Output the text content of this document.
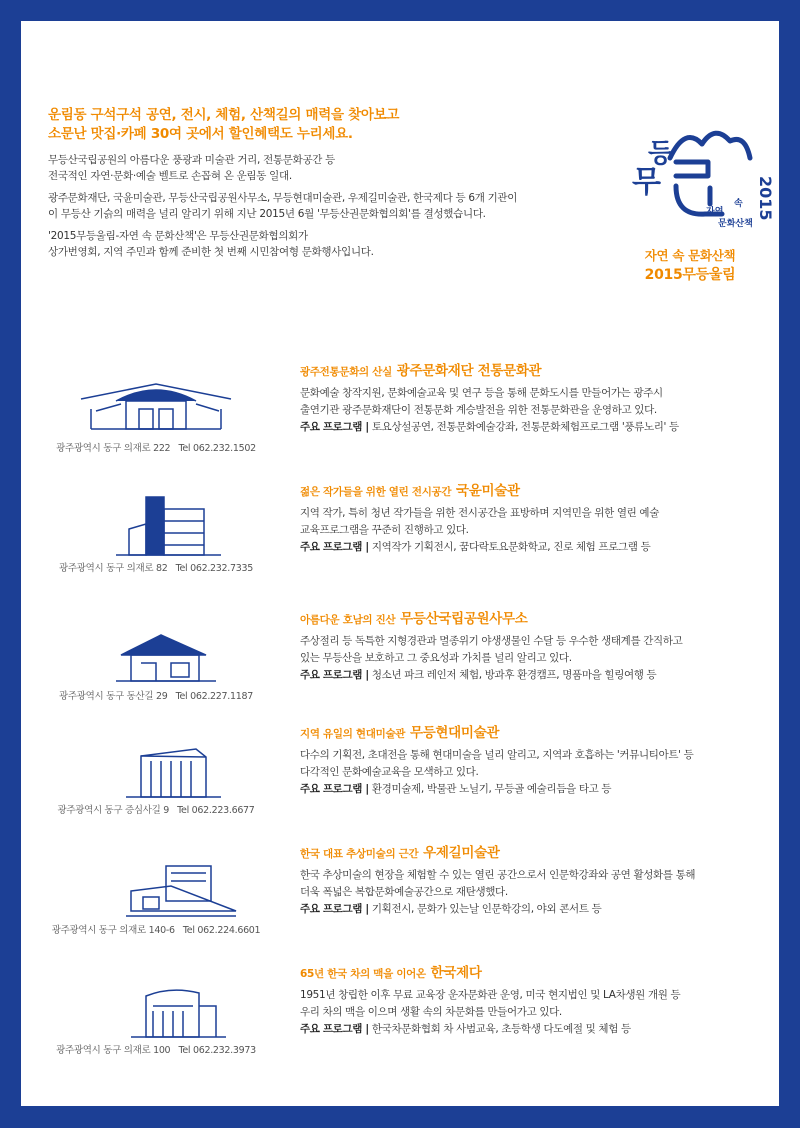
운림동 구석구석 공연, 전시, 체험, 산책길의 매력을 찾아보고
소문난 맛집·카페 30여 곳에서 할인혜택도 누리세요.
무등산국립공원의 아름다운 풍광과 미술관 거리, 전통문화공간 등
전국적인 자연·문화·예술 벨트로 손꼽혀 온 운림동 일대.
광주문화재단, 국윤미술관, 무등산국립공원사무소, 무등현대미술관, 우제길미술관, 한국제다 등 6개 기관이
이 무등산 기슭의 매력을 널리 알리기 위해 지난 2015년 6월 '무등산권문화협의회'를 결성했습니다.
'2015무등울림-자연 속 문화산책'은 무등산권문화협의회가
상가번영회, 지역 주민과 함께 준비한 첫 번째 시민참여형 문화행사입니다.
무
등
2015
자연
속
문화산책
자연 속 문화산책
2015무등울림
광주광역시 동구 의재로 222 Tel 062.232.1502
광주전통문화의 산실 광주문화재단 전통문화관
문화예술 창작지원, 문화예술교육 및 연구 등을 통해 문화도시를 만들어가는 광주시
출연기관 광주문화재단이 전통문화 계승발전을 위한 전통문화관을 운영하고 있다.
주요 프로그램 | 토요상설공연, 전통문화예술강좌, 전통문화체험프로그램 '풍류노리' 등
광주광역시 동구 의재로 82 Tel 062.232.7335
젊은 작가들을 위한 열린 전시공간 국윤미술관
지역 작가, 특히 청년 작가들을 위한 전시공간을 표방하며 지역민을 위한 열린 예술
교육프로그램을 꾸준히 진행하고 있다.
주요 프로그램 | 지역작가 기획전시, 꿈다락토요문화학교, 진로 체험 프로그램 등
광주광역시 동구 동산길 29 Tel 062.227.1187
아름다운 호남의 진산 무등산국립공원사무소
주상절리 등 독특한 지형경관과 멸종위기 야생생물인 수달 등 우수한 생태계를 간직하고
있는 무등산을 보호하고 그 중요성과 가치를 널리 알리고 있다.
주요 프로그램 | 청소년 파크 레인저 체험, 방과후 환경캠프, 명품마을 힐링여행 등
광주광역시 동구 증심사길 9 Tel 062.223.6677
지역 유일의 현대미술관 무등현대미술관
다수의 기획전, 초대전을 통해 현대미술을 널리 알리고, 지역과 호흡하는 '커뮤니티아트' 등
다각적인 문화예술교육을 모색하고 있다.
주요 프로그램 | 환경미술제, 박물관 노닐기, 무등골 예술리듬을 타고 등
광주광역시 동구 의재로 140-6 Tel 062.224.6601
한국 대표 추상미술의 근간 우제길미술관
한국 추상미술의 현장을 체험할 수 있는 열린 공간으로서 인문학강좌와 공연 활성화를 통해
더욱 폭넓은 복합문화예술공간으로 재탄생했다.
주요 프로그램 | 기획전시, 문화가 있는날 인문학강의, 야외 콘서트 등
광주광역시 동구 의재로 100 Tel 062.232.3973
65년 한국 차의 맥을 이어온 한국제다
1951년 창립한 이후 무료 교육장 운자문화관 운영, 미국 현지법인 및 LA차생원 개원 등
우리 차의 맥을 이으며 생활 속의 차문화를 만들어가고 있다.
주요 프로그램 | 한국차문화협회 차 사범교육, 초등학생 다도예절 및 체험 등
